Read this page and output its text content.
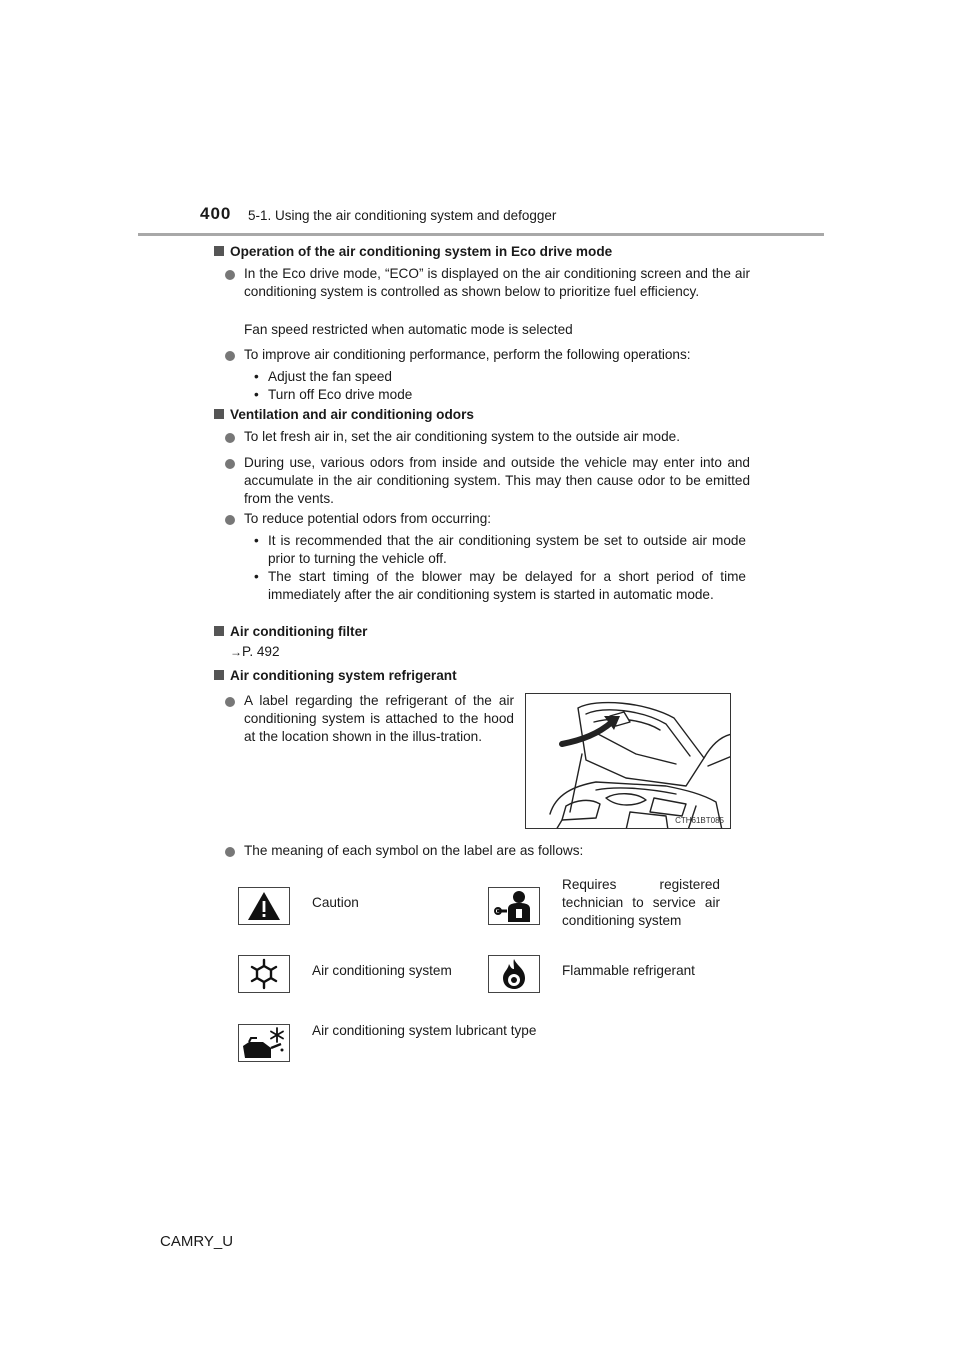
400 5-1. Using the air conditioning system and defogger
Operation of the air conditioning system in Eco drive mode
In the Eco drive mode, “ECO” is displayed on the air conditioning screen and the air conditioning system is controlled as shown below to prioritize fuel efficiency.
Fan speed restricted when automatic mode is selected
To improve air conditioning performance, perform the following operations:
• Adjust the fan speed
• Turn off Eco drive mode
Ventilation and air conditioning odors
To let fresh air in, set the air conditioning system to the outside air mode.
During use, various odors from inside and outside the vehicle may enter into and accumulate in the air conditioning system. This may then cause odor to be emitted from the vents.
To reduce potential odors from occurring:
• It is recommended that the air conditioning system be set to outside air mode prior to turning the vehicle off.
• The start timing of the blower may be delayed for a short period of time immediately after the air conditioning system is started in automatic mode.
Air conditioning filter
→P. 492
Air conditioning system refrigerant
A label regarding the refrigerant of the air conditioning system is attached to the hood at the location shown in the illus-tration.
CTH61BT085
The meaning of each symbol on the label are as follows:
Caution
Requires registered technician to service air conditioning system
Air conditioning system	Flammable refrigerant
Air conditioning system lubricant type
CAMRY_U
